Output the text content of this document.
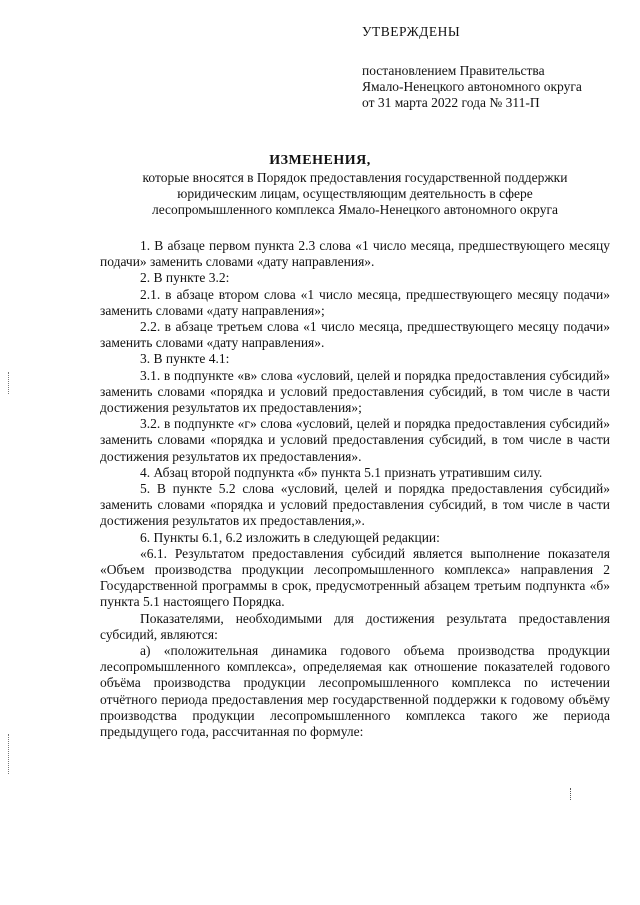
УТВЕРЖДЕНЫ
постановлением Правительства
Ямало-Ненецкого автономного округа
от 31 марта 2022 года № 311-П
ИЗМЕНЕНИЯ,
которые вносятся в Порядок предоставления государственной поддержки
юридическим лицам, осуществляющим деятельность в сфере
лесопромышленного комплекса Ямало-Ненецкого автономного округа

1. В абзаце первом пункта 2.3 слова «1 число месяца, предшествующего месяцу подачи» заменить словами «дату направления».

2. В пункте 3.2:

2.1. в абзаце втором слова «1 число месяца, предшествующего месяцу подачи» заменить словами «дату направления»;

2.2. в абзаце третьем слова «1 число месяца, предшествующего месяцу подачи» заменить словами «дату направления».

3. В пункте 4.1:

3.1. в подпункте «в» слова «условий, целей и порядка предоставления субсидий» заменить словами «порядка и условий предоставления субсидий, в том числе в части достижения результатов их предоставления»;

3.2. в подпункте «г» слова «условий, целей и порядка предоставления субсидий» заменить словами «порядка и условий предоставления субсидий, в том числе в части достижения результатов их предоставления».

4. Абзац второй подпункта «б» пункта 5.1 признать утратившим силу.

5. В пункте 5.2 слова «условий, целей и порядка предоставления субсидий» заменить словами «порядка и условий предоставления субсидий, в том числе в части достижения результатов их предоставления,».

6. Пункты 6.1, 6.2 изложить в следующей редакции:

«6.1. Результатом предоставления субсидий является выполнение показателя «Объем производства продукции лесопромышленного комплекса» направления 2 Государственной программы в срок, предусмотренный абзацем третьим подпункта «б» пункта 5.1 настоящего Порядка.

Показателями, необходимыми для достижения результата предоставления субсидий, являются:

а) «положительная динамика годового объема производства продукции лесопромышленного комплекса», определяемая как отношение показателей годового объёма производства продукции лесопромышленного комплекса по истечении отчётного периода предоставления мер государственной поддержки к годовому объёму производства продукции лесопромышленного комплекса такого же периода предыдущего года, рассчитанная по формуле:
